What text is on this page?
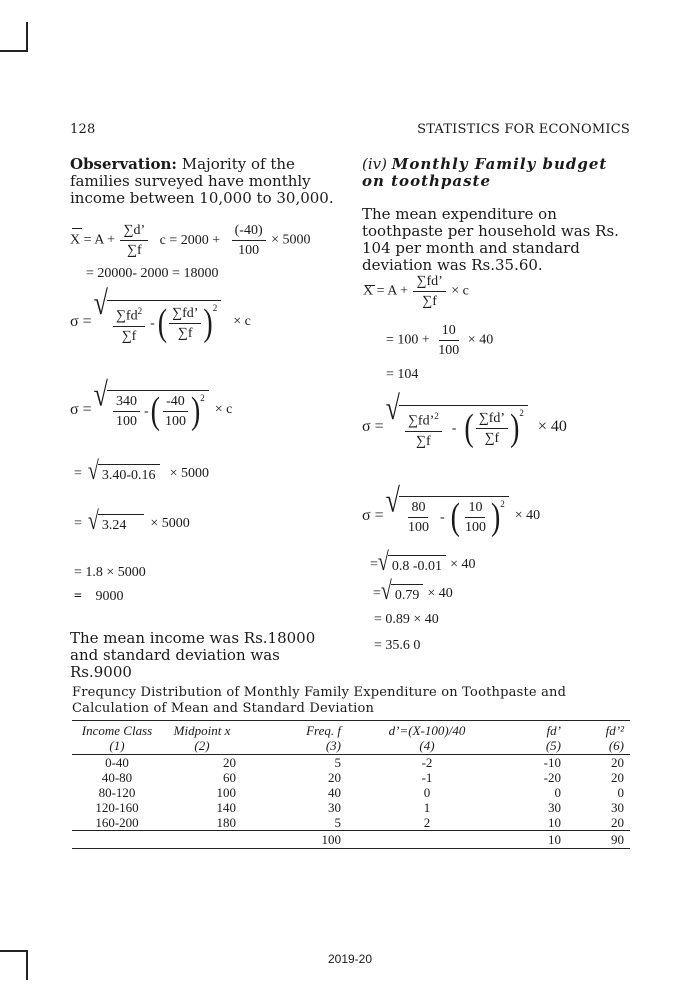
128	STATISTICS FOR ECONOMICS
Observation: Majority of the families surveyed have monthly income between 10,000 to 30,000.
$X = A + \frac{\sum d’}{\sum f}$ $c = 2000 + \frac{(-40)}{100} \times 5000$
= 20000- 2000 = 18000
σ =
√
$\frac{\sum fd^2}{\sum f}$ - ( $\frac{\sum fd’}{\sum f}$ ) 2
× c
σ = √ $\frac{340}{100}$ - ( $\frac{-40}{100}$ ) 2
× c
= √ 3.40-0.16 × 5000
= √ 3.24	× 5000
= 1.8 × 5000
= 9000
The mean income was Rs.18000 and standard deviation was Rs.9000
(iv) Monthly Family budget on toothpaste
The mean expenditure on toothpaste per household was Rs. 104 per month and standard deviation was Rs.35.60.
$X = A + \frac{\sum fd’}{\sum f} \times c$
= $100 + \frac{10}{100} \times 40$
= 104
σ =
√
$\frac{\sum fd’^2}{\sum f}$ - ( $\frac{\sum fd’}{\sum f}$ ) 2
× 40
σ = √ $\frac{80}{100}$ - ( $\frac{10}{100}$ ) 2
× 40
= √ 0.8 -0.01 × 40
= √ 0.79 × 40
= 0.89 × 40
= 35.6 0
Frequncy Distribution of Monthly Family Expenditure on Toothpaste and Calculation of Mean and Standard Deviation
Income Class	Midpoint x	Freq. f	d’=(X-100)/40	fd’	fd’²
(1)	(2)	(3)	(4)	(5)	(6)
0-40	20	5	-2	-10	20
40-80	60	20	-1	-20	20
80-120	100	40	0	0	0
120-160	140	30	1	30	30
160-200	180	5	2	10	20
		100		10	90
2019-20
